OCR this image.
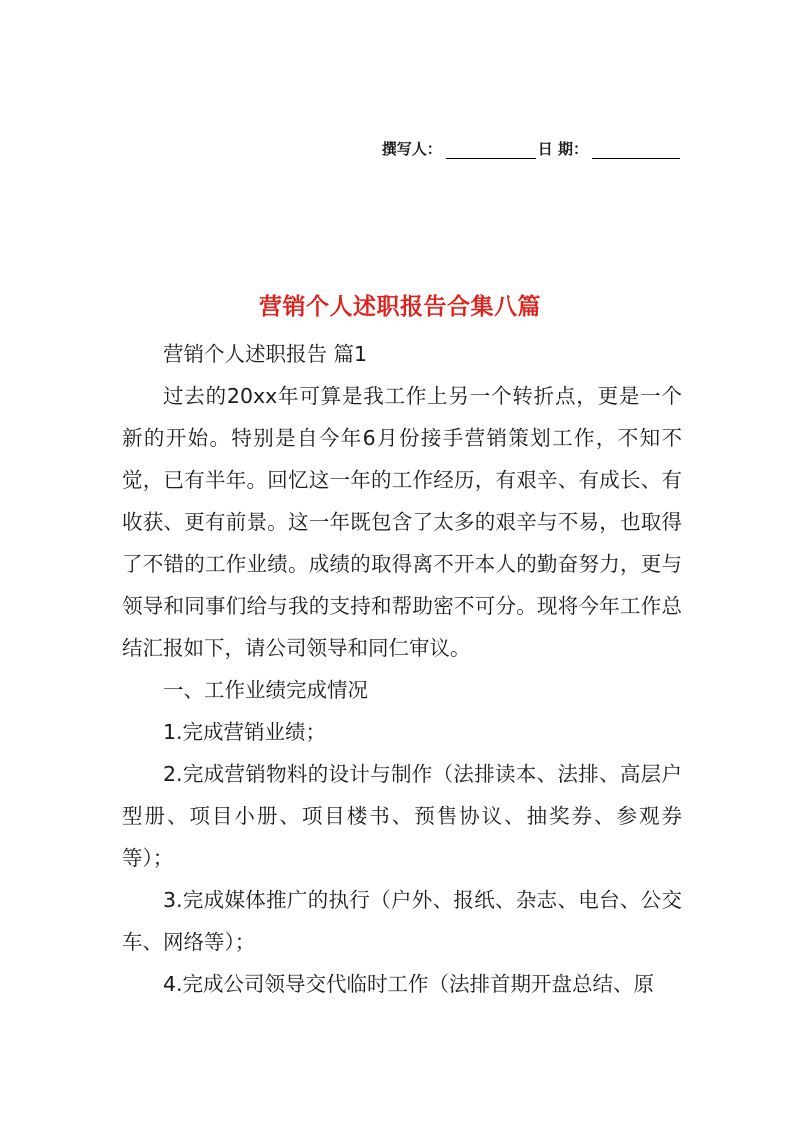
撰写人：	日 期：
营销个人述职报告合集八篇

营销个人述职报告 篇1

过去的20xx年可算是我工作上另一个转折点，更是一个新的开始。特别是自今年6月份接手营销策划工作，不知不觉，已有半年。回忆这一年的工作经历，有艰辛、有成长、有收获、更有前景。这一年既包含了太多的艰辛与不易，也取得了不错的工作业绩。成绩的取得离不开本人的勤奋努力，更与领导和同事们给与我的支持和帮助密不可分。现将今年工作总结汇报如下，请公司领导和同仁审议。

一、工作业绩完成情况

1.完成营销业绩；

2.完成营销物料的设计与制作（法排读本、法排、高层户型册、项目小册、项目楼书、预售协议、抽奖券、参观券等）；

3.完成媒体推广的执行（户外、报纸、杂志、电台、公交车、网络等）；

4.完成公司领导交代临时工作（法排首期开盘总结、原
